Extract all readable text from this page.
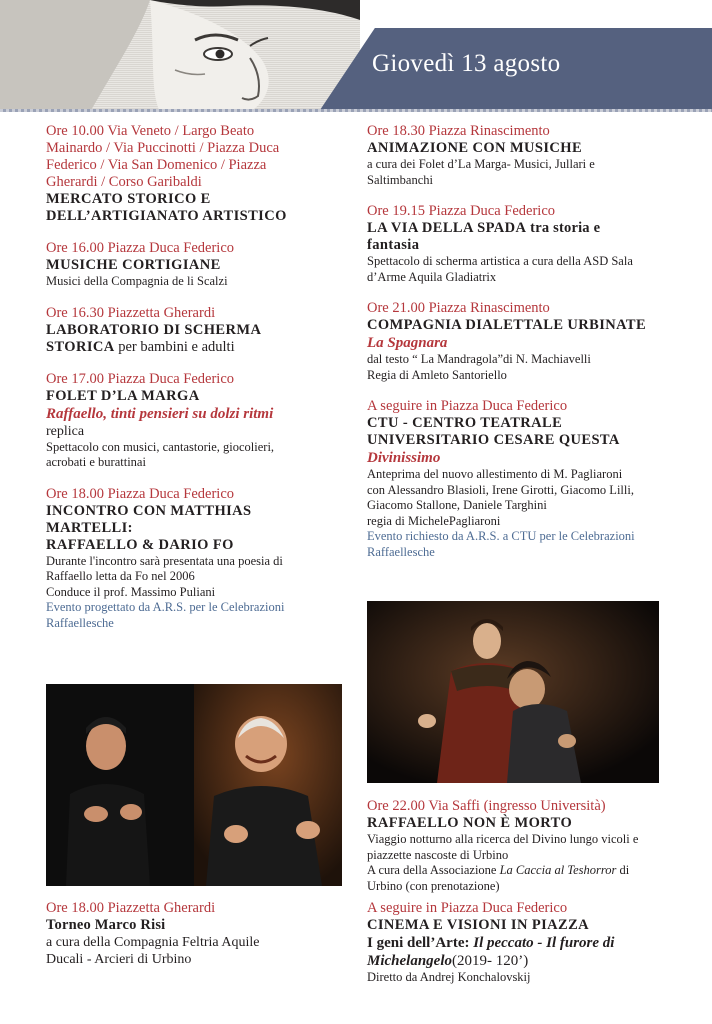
Giovedì 13 agosto
Ore 10.00 Via Veneto / Largo Beato
Mainardo / Via Puccinotti / Piazza Duca
Federico / Via San Domenico / Piazza
Gherardi / Corso Garibaldi
MERCATO STORICO E
DELL’ARTIGIANATO ARTISTICO
Ore 16.00 Piazza Duca Federico
MUSICHE CORTIGIANE
Musici della Compagnia de li Scalzi
Ore 16.30 Piazzetta Gherardi
LABORATORIO DI SCHERMA
STORICA per bambini e adulti
Ore 17.00 Piazza Duca Federico
FOLET D’LA MARGA
Raffaello, tinti pensieri su dolzi ritmi
replica
Spettacolo con musici, cantastorie, giocolieri,
acrobati e burattinai
Ore 18.00 Piazza Duca Federico
INCONTRO CON MATTHIAS
MARTELLI:
RAFFAELLO & DARIO FO
Durante l'incontro sarà presentata una poesia di
Raffaello letta da Fo nel 2006
Conduce il prof. Massimo Puliani
Evento progettato da A.R.S. per le Celebrazioni
Raffaellesche
Ore 18.00 Piazzetta Gherardi
Torneo Marco Risi
a cura della Compagnia Feltria Aquile
Ducali - Arcieri di Urbino
Ore 18.30 Piazza Rinascimento
ANIMAZIONE CON MUSICHE
a cura dei Folet d’La Marga- Musici, Jullari e
Saltimbanchi
Ore 19.15 Piazza Duca Federico
LA VIA DELLA SPADA tra storia e
fantasia
Spettacolo di scherma artistica a cura della ASD Sala
d’Arme Aquila Gladiatrix
Ore 21.00 Piazza Rinascimento
COMPAGNIA DIALETTALE URBINATE
La Spagnara
dal testo “ La Mandragola”di N. Machiavelli
Regia di Amleto Santoriello
A seguire in Piazza Duca Federico
CTU - CENTRO TEATRALE
UNIVERSITARIO CESARE QUESTA
Divinissimo
Anteprima del nuovo allestimento di M. Pagliaroni
con Alessandro Blasioli, Irene Girotti, Giacomo Lilli,
Giacomo Stallone, Daniele Targhini
regia di MichelePagliaroni
Evento richiesto da A.R.S. a CTU per le Celebrazioni
Raffaellesche
Ore 22.00 Via Saffi (ingresso Università)
RAFFAELLO NON È MORTO
Viaggio notturno alla ricerca del Divino lungo vicoli e
piazzette nascoste di Urbino
A cura della Associazione La Caccia al Teshorror di
Urbino (con prenotazione)
A seguire in Piazza Duca Federico
CINEMA E VISIONI IN PIAZZA
I geni dell’Arte: Il peccato - Il furore di
Michelangelo(2019- 120’)
Diretto da Andrej Konchalovskij
